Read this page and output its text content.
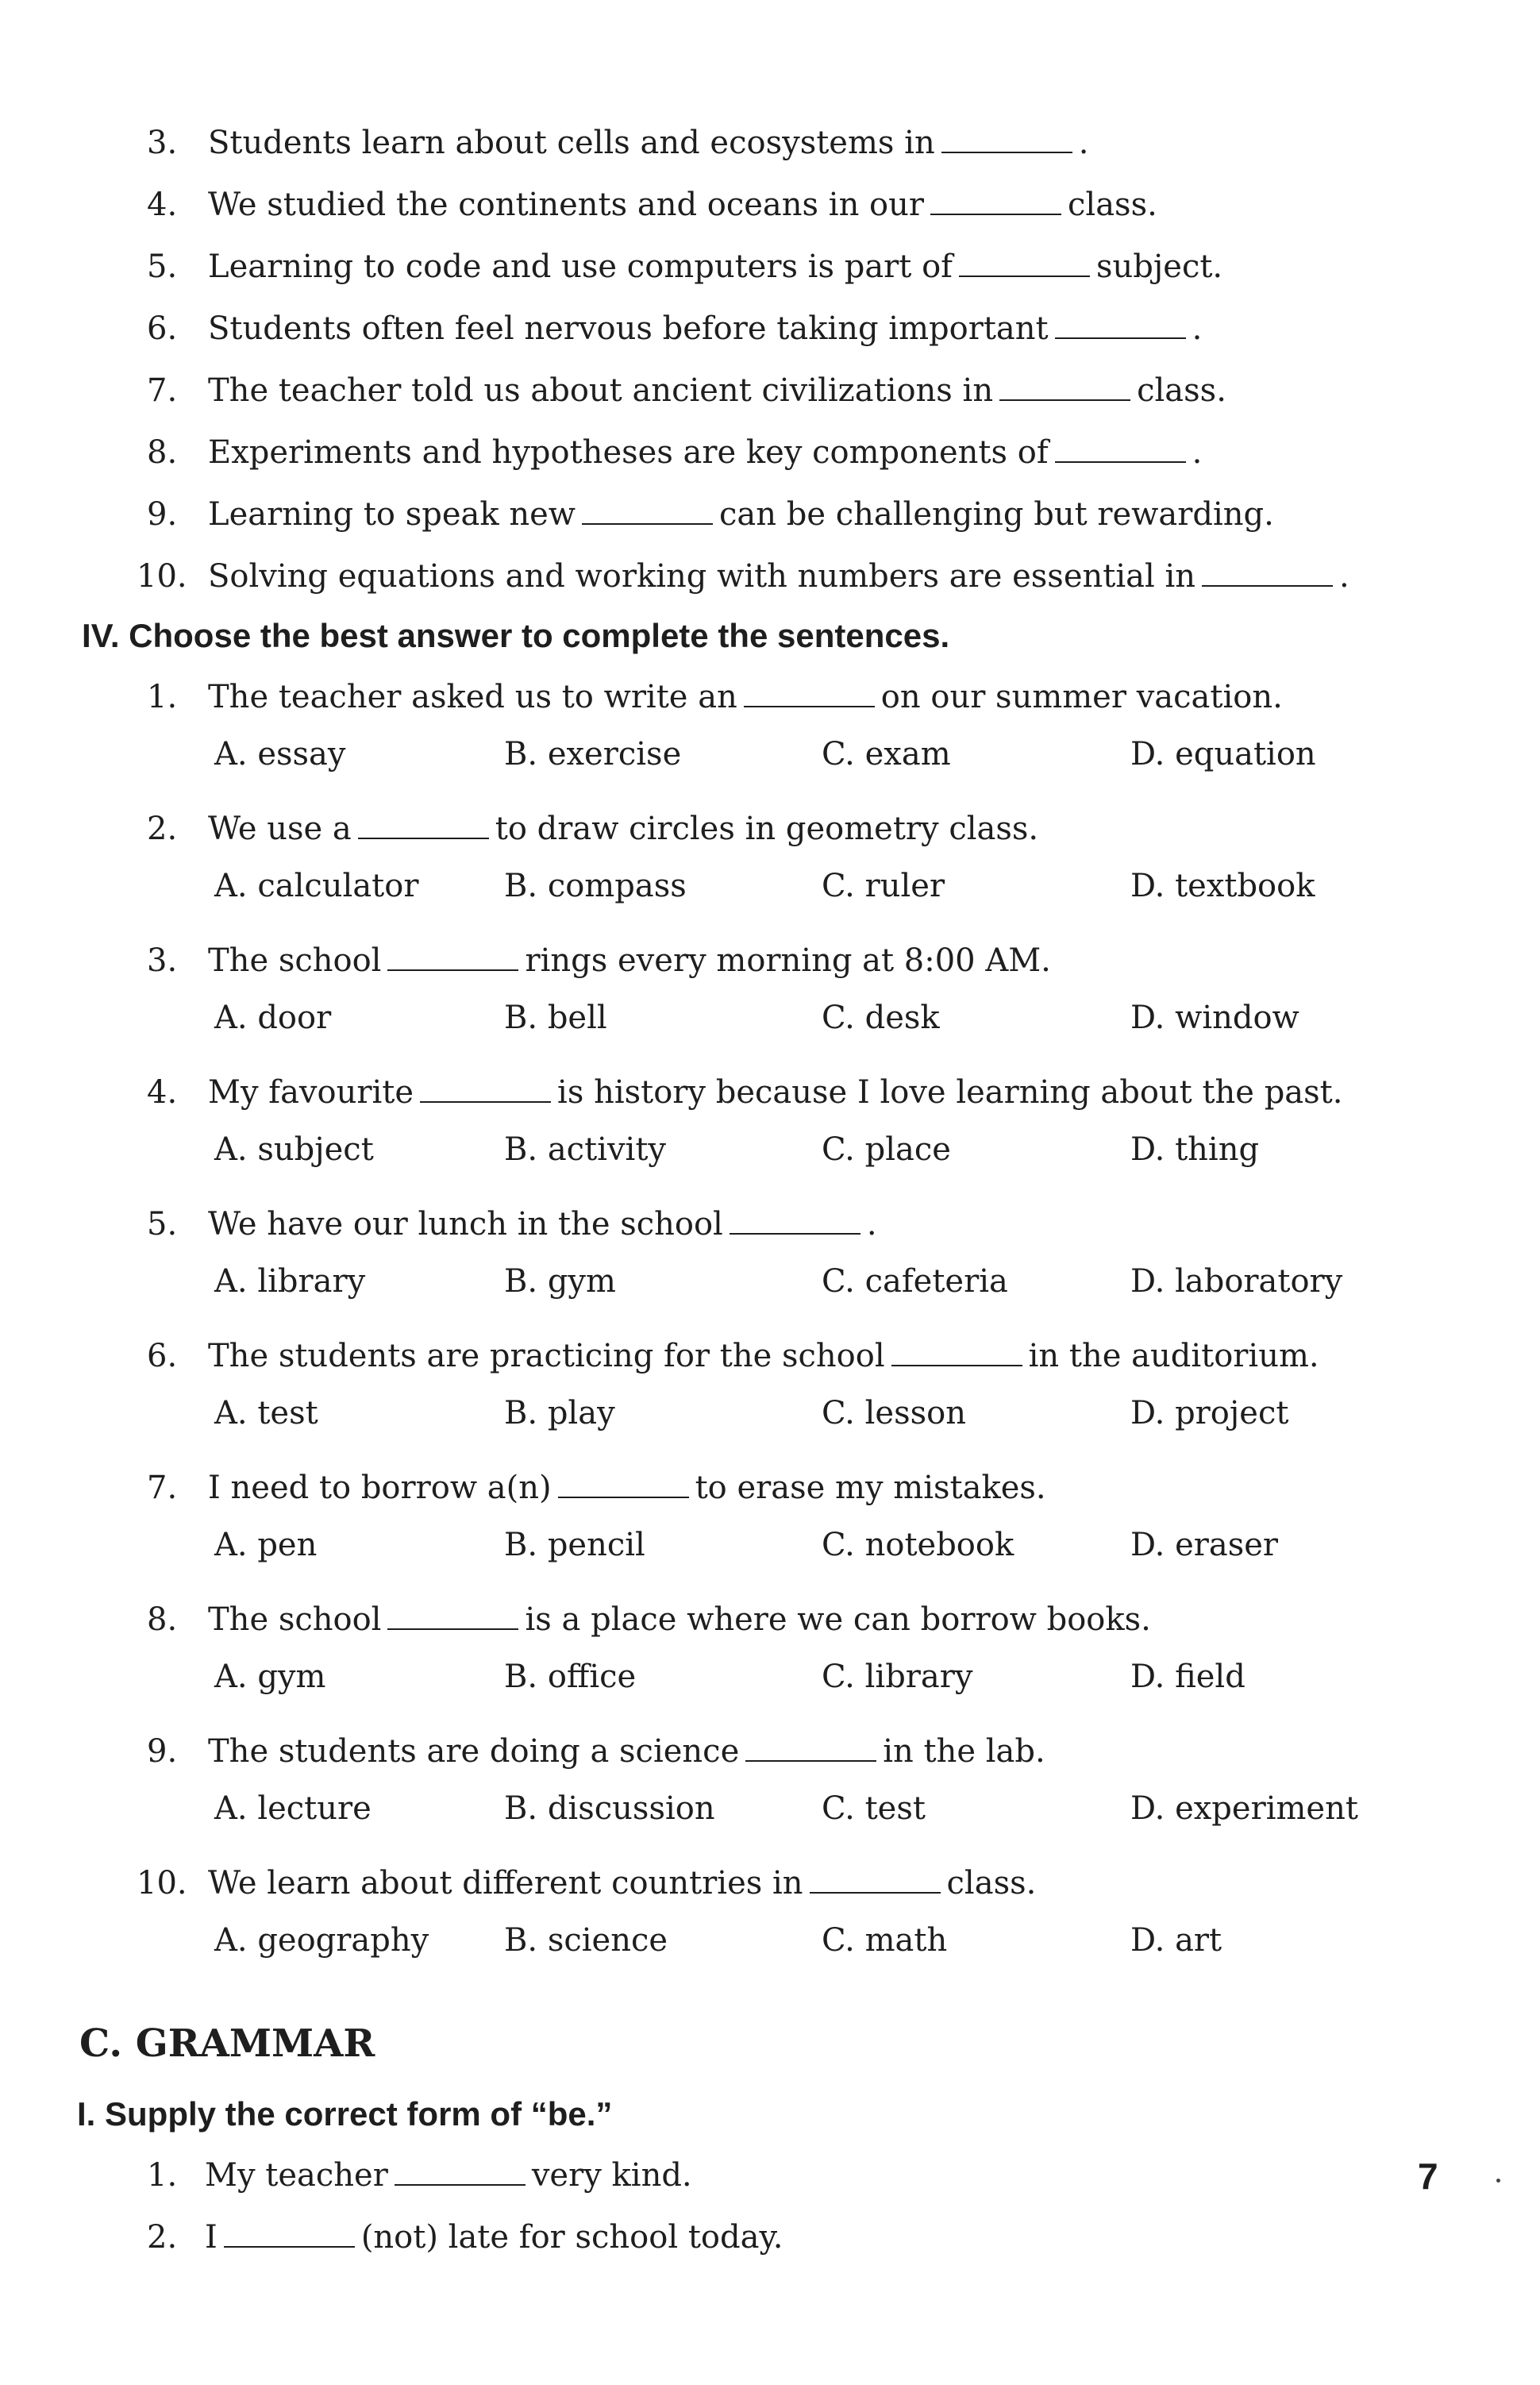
3. Students learn about cells and ecosystems in	.
4. We studied the continents and oceans in our	class.
5. Learning to code and use computers is part of	subject.
6. Students often feel nervous before taking important	.
7. The teacher told us about ancient civilizations in	class.
8. Experiments and hypotheses are key components of	.
9. Learning to speak new	can be challenging but rewarding.
10. Solving equations and working with numbers are essential in	.
IV. Choose the best answer to complete the sentences.
1. The teacher asked us to write an	on our summer vacation.
A. essay	B. exercise	C. exam	D. equation
2. We use a	to draw circles in geometry class.
A. calculator	B. compass	C. ruler	D. textbook
3. The school	rings every morning at 8:00 AM.
A. door	B. bell	C. desk	D. window
4. My favourite	is history because I love learning about the past.
A. subject	B. activity	C. place	D. thing
5. We have our lunch in the school	.
A. library	B. gym	C. cafeteria	D. laboratory
6. The students are practicing for the school	in the auditorium.
A. test	B. play	C. lesson	D. project
7. I need to borrow a(n)	to erase my mistakes.
A. pen	B. pencil	C. notebook	D. eraser
8. The school	is a place where we can borrow books.
A. gym	B. office	C. library	D. field
9. The students are doing a science	in the lab.
A. lecture	B. discussion	C. test	D. experiment
10. We learn about different countries in	class.
A. geography B. science	C. math	D. art
C. GRAMMAR
I. Supply the correct form of “be.”
1. My teacher	very kind.
2. I	(not) late for school today.
7
